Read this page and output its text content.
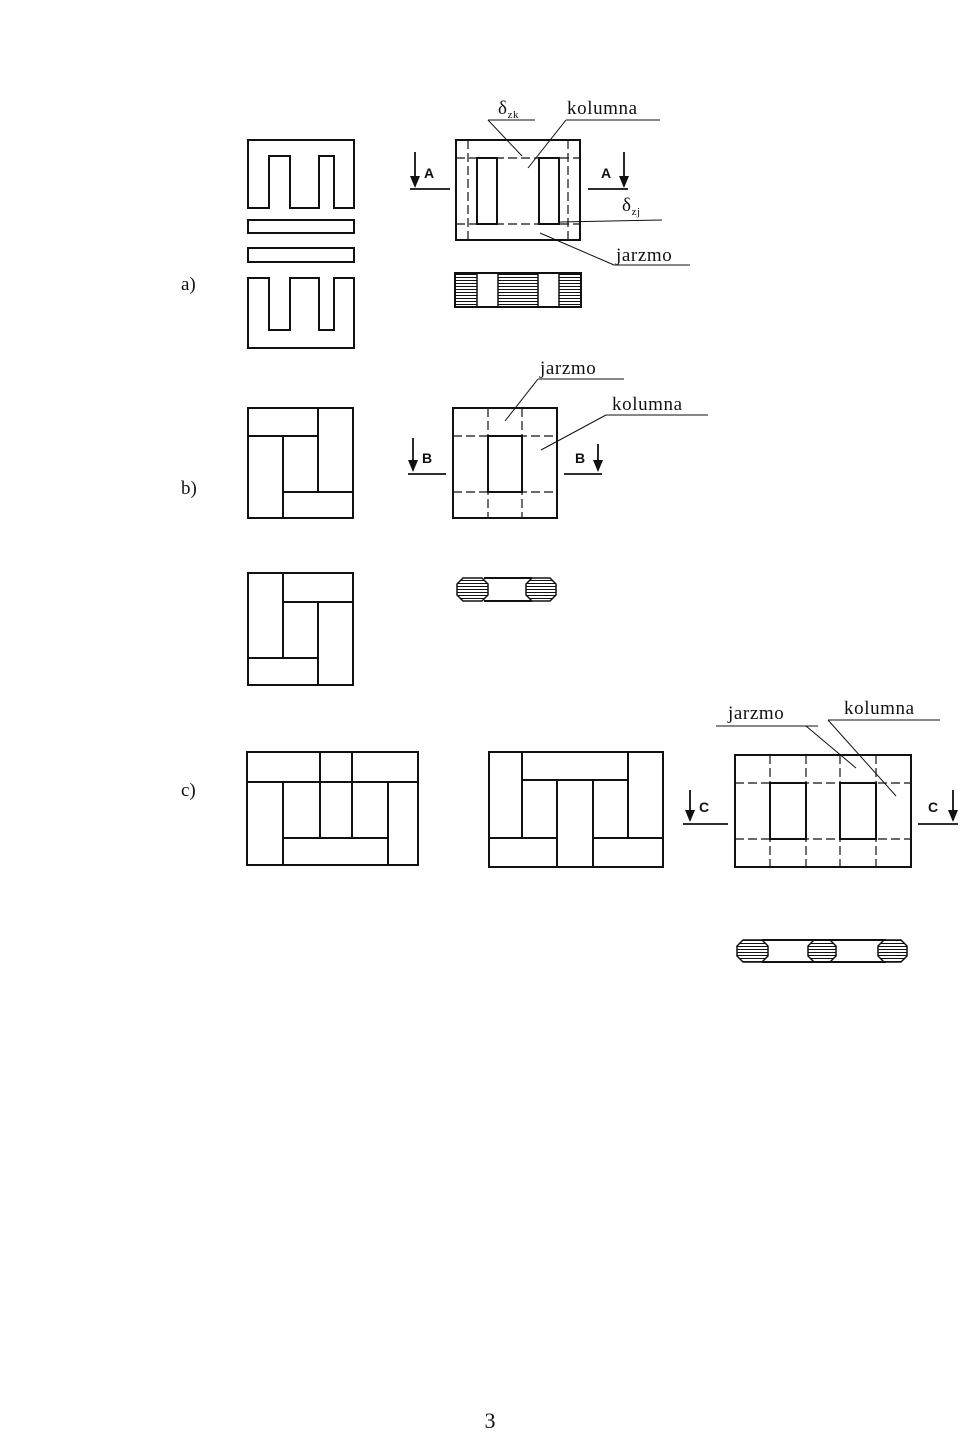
a)
A	A
$\delta_{zk}$	kolumna
$\delta_{zj}$
jarzmo
b)
B	B
jarzmo
kolumna
c)
C	C
jarzmo	kolumna
3
